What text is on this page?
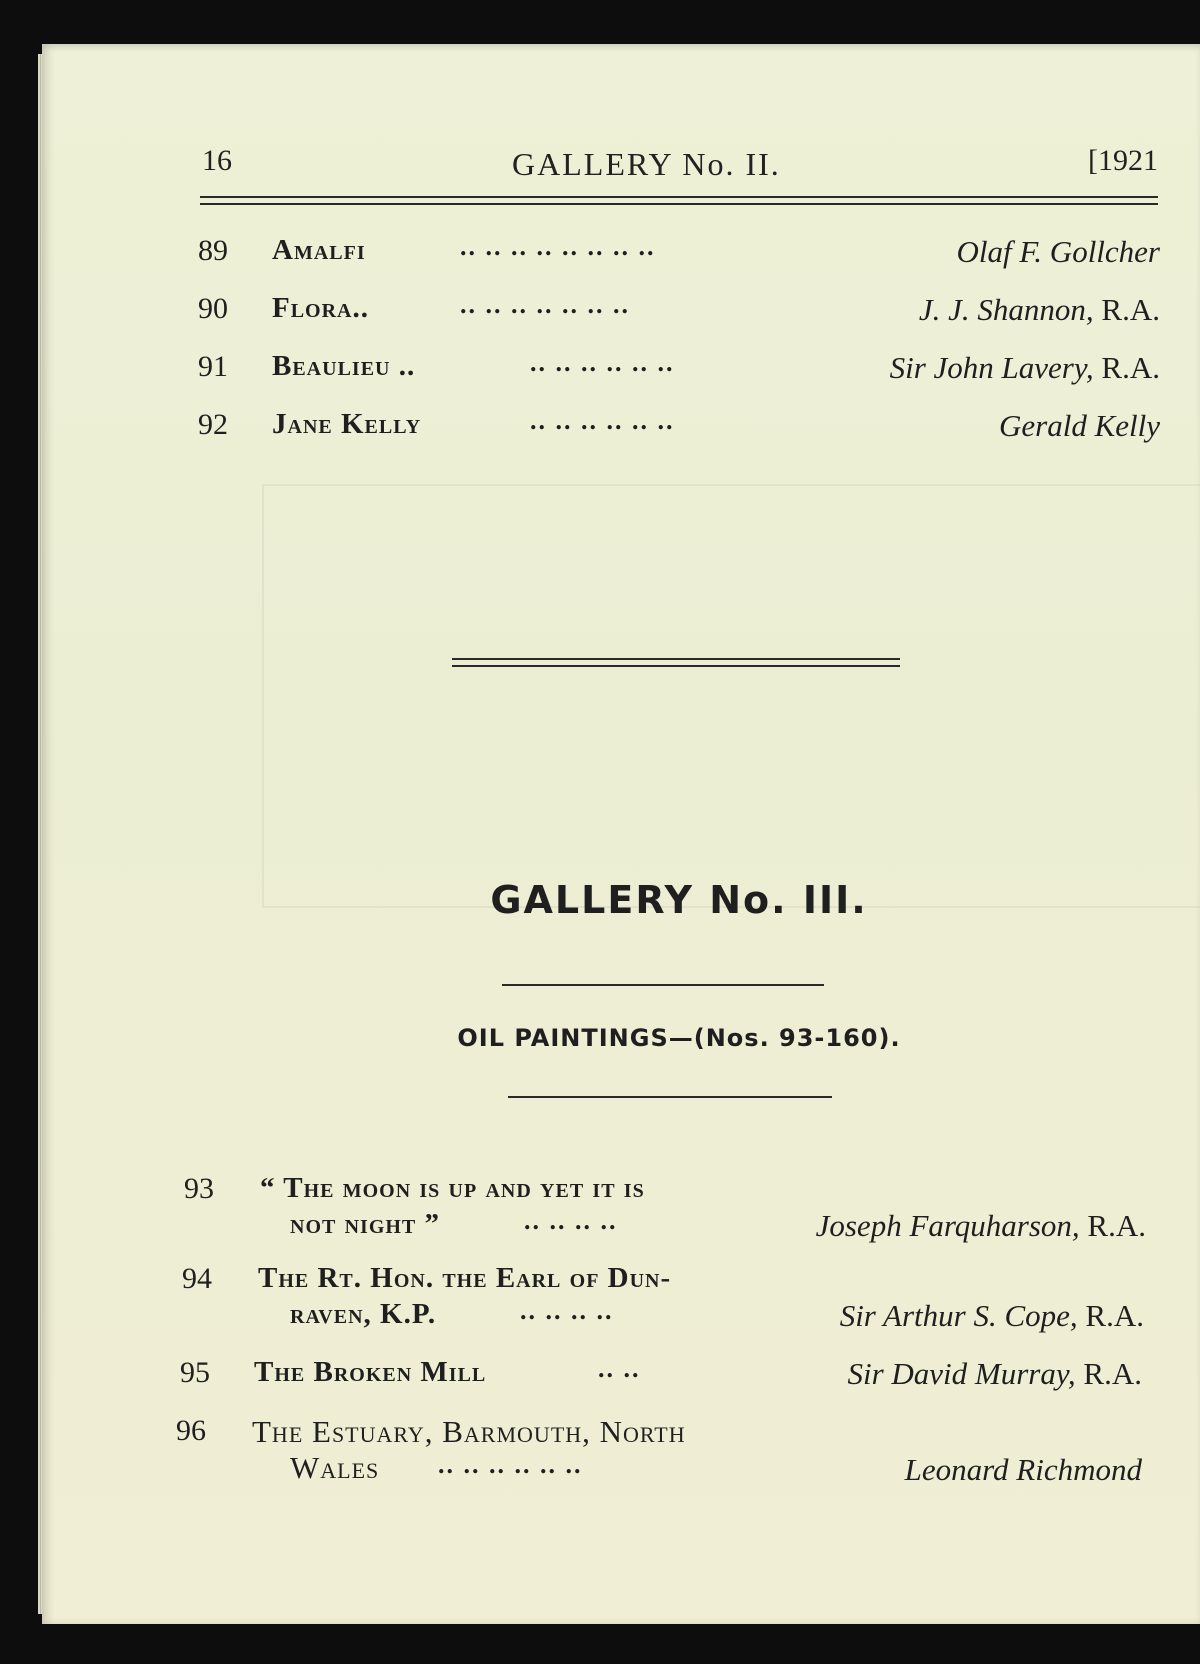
16	GALLERY No. II.	[1921
89 Amalfi	.. .. .. .. .. .. .. ..	Olaf F. Gollcher
90 Flora..	.. .. .. .. .. .. ..	J. J. Shannon, R.A.
91 Beaulieu ..	.. .. .. .. .. ..	Sir John Lavery, R.A.
92 Jane Kelly	.. .. .. .. .. ..	Gerald Kelly
GALLERY No. III.
OIL PAINTINGS—(Nos. 93-160).
93 “ The moon is up and yet it is
not night ”	.. .. .. ..	Joseph Farquharson, R.A.
94 The Rt. Hon. the Earl of Dun-
raven, K.P.	.. .. .. ..	Sir Arthur S. Cope, R.A.
95 The Broken Mill	.. ..	Sir David Murray, R.A.
96 The Estuary, Barmouth, North
Wales .. .. .. .. .. ..	Leonard Richmond
